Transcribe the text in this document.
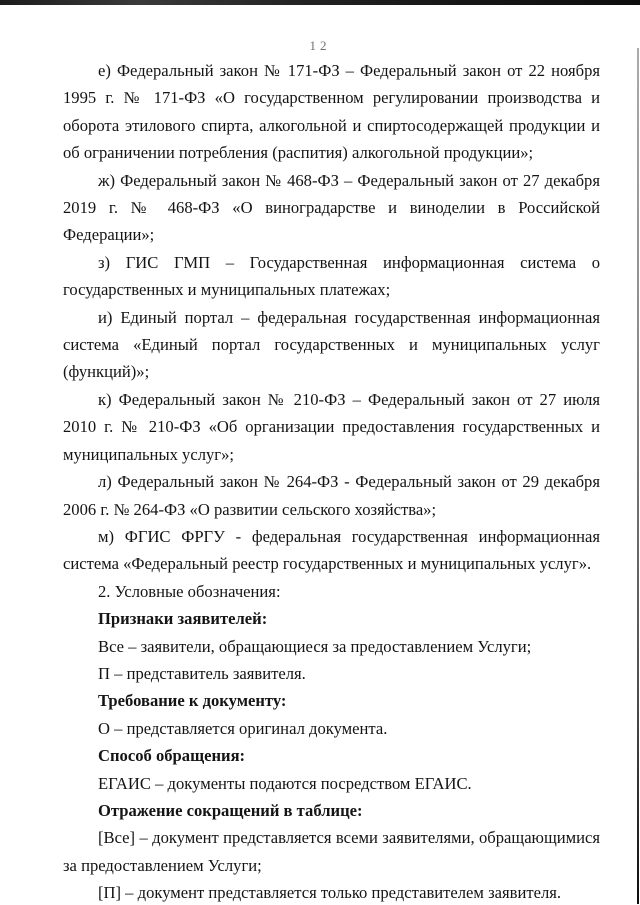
12

е) Федеральный закон № 171-ФЗ – Федеральный закон от 22 ноября 1995 г. № 171-ФЗ «О государственном регулировании производства и оборота этилового спирта, алкогольной и спиртосодержащей продукции и об ограничении потребления (распития) алкогольной продукции»;

ж) Федеральный закон № 468-ФЗ – Федеральный закон от 27 декабря 2019 г. № 468-ФЗ «О виноградарстве и виноделии в Российской Федерации»;

з) ГИС ГМП – Государственная информационная система о государственных и муниципальных платежах;

и) Единый портал – федеральная государственная информационная система «Единый портал государственных и муниципальных услуг (функций)»;

к) Федеральный закон № 210-ФЗ – Федеральный закон от 27 июля 2010 г. № 210-ФЗ «Об организации предоставления государственных и муниципальных услуг»;

л) Федеральный закон № 264-ФЗ - Федеральный закон от 29 декабря 2006 г. № 264-ФЗ «О развитии сельского хозяйства»;

м) ФГИС ФРГУ - федеральная государственная информационная система «Федеральный реестр государственных и муниципальных услуг».

2. Условные обозначения:

Признаки заявителей:

Все – заявители, обращающиеся за предоставлением Услуги;

П – представитель заявителя.

Требование к документу:

О – представляется оригинал документа.

Способ обращения:

ЕГАИС – документы подаются посредством ЕГАИС.

Отражение сокращений в таблице:

[Все] – документ представляется всеми заявителями, обращающимися за предоставлением Услуги;

[П] – документ представляется только представителем заявителя.
